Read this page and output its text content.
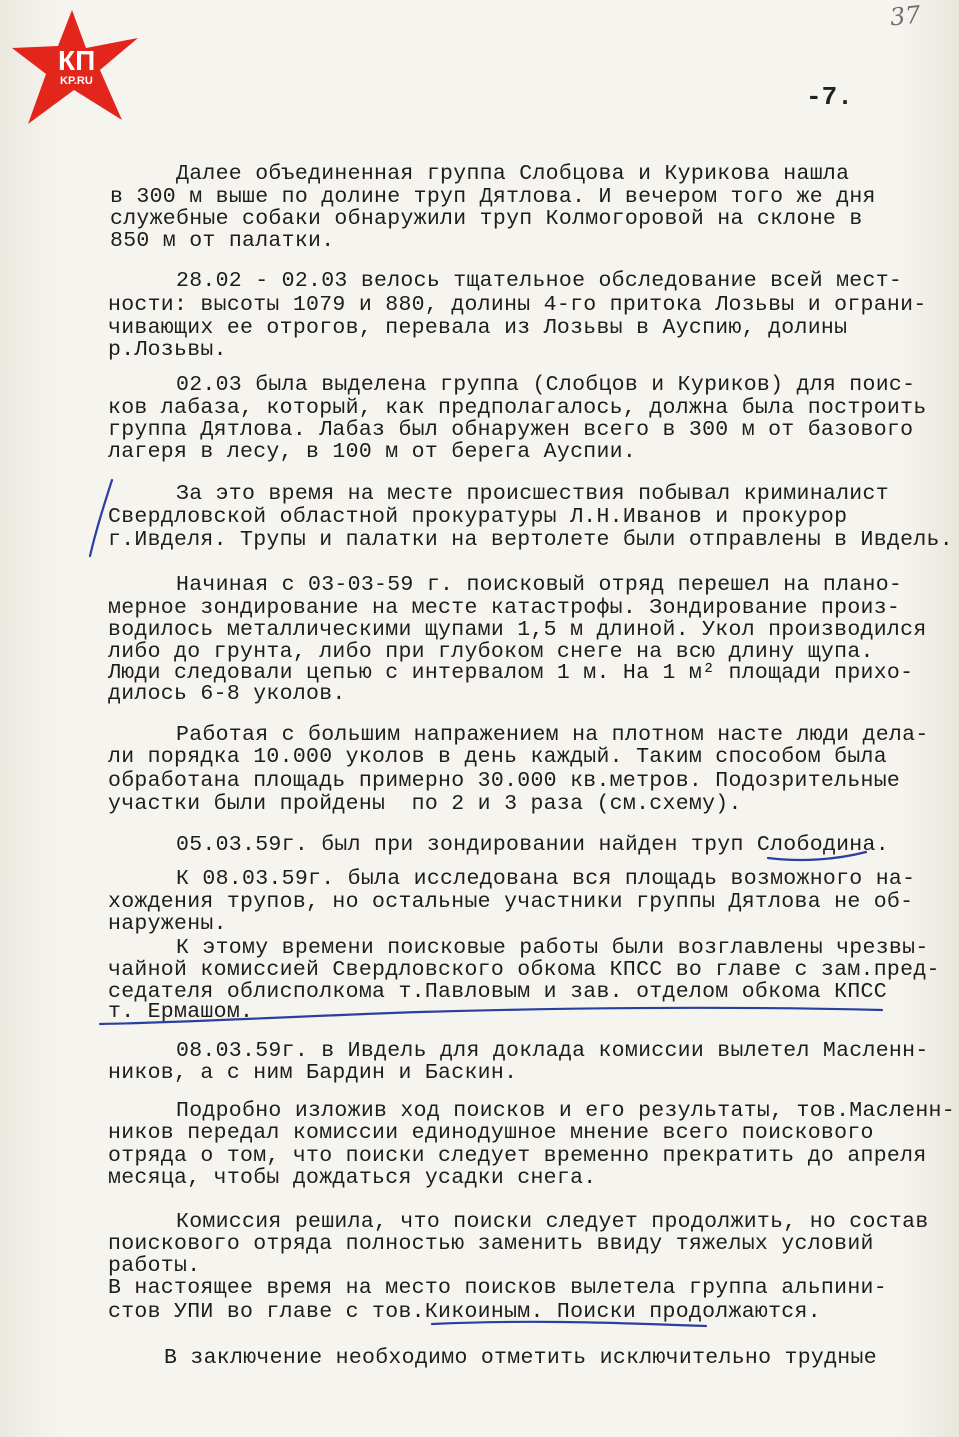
КП
KP.RU
37
-7.
Далее объединенная группа Слобцова и Курикова нашла
в 300 м выше по долине труп Дятлова. И вечером того же дня
служебные собаки обнаружили труп Колмогоровой на склоне в
850 м от палатки.
28.02 - 02.03 велось тщательное обследование всей мест-
ности: высоты 1079 и 880, долины 4-го притока Лозьвы и ограни-
чивающих ее отрогов, перевала из Лозьвы в Ауспию, долины
р.Лозьвы.
02.03 была выделена группа (Слобцов и Куриков) для поис-
ков лабаза, который, как предполагалось, должна была построить
группа Дятлова. Лабаз был обнаружен всего в 300 м от базового
лагеря в лесу, в 100 м от берега Ауспии.
За это время на месте происшествия побывал криминалист
Свердловской областной прокуратуры Л.Н.Иванов и прокурор
г.Ивделя. Трупы и палатки на вертолете были отправлены в Ивдель.
Начиная с 03-03-59 г. поисковый отряд перешел на плано-
мерное зондирование на месте катастрофы. Зондирование произ-
водилось металлическими щупами 1,5 м длиной. Укол производился
либо до грунта, либо при глубоком снеге на всю длину щупа.
Люди следовали цепью с интервалом 1 м. На 1 м² площади прихо-
дилось 6-8 уколов.
Работая с большим напражением на плотном насте люди дела-
ли порядка 10.000 уколов в день каждый. Таким способом была
обработана площадь примерно 30.000 кв.метров. Подозрительные
участки были пройдены  по 2 и 3 раза (см.схему).
05.03.59г. был при зондировании найден труп Слободина.
К 08.03.59г. была исследована вся площадь возможного на-
хождения трупов, но остальные участники группы Дятлова не об-
наружены.
К этому времени поисковые работы были возглавлены чрезвы-
чайной комиссией Свердловского обкома КПСС во главе с зам.пред-
седателя облисполкома т.Павловым и зав. отделом обкома КПСС
т. Ермашом.
08.03.59г. в Ивдель для доклада комиссии вылетел Масленн-
ников, а с ним Бардин и Баскин.
Подробно изложив ход поисков и его результаты, тов.Масленн-
ников передал комиссии единодушное мнение всего поискового
отряда о том, что поиски следует временно прекратить до апреля
месяца, чтобы дождаться усадки снега.
Комиссия решила, что поиски следует продолжить, но состав
поискового отряда полностью заменить ввиду тяжелых условий
работы.
В настоящее время на место поисков вылетела группа альпини-
стов УПИ во главе с тов.Кикоиным. Поиски продолжаются.
В заключение необходимо отметить исключительно трудные
